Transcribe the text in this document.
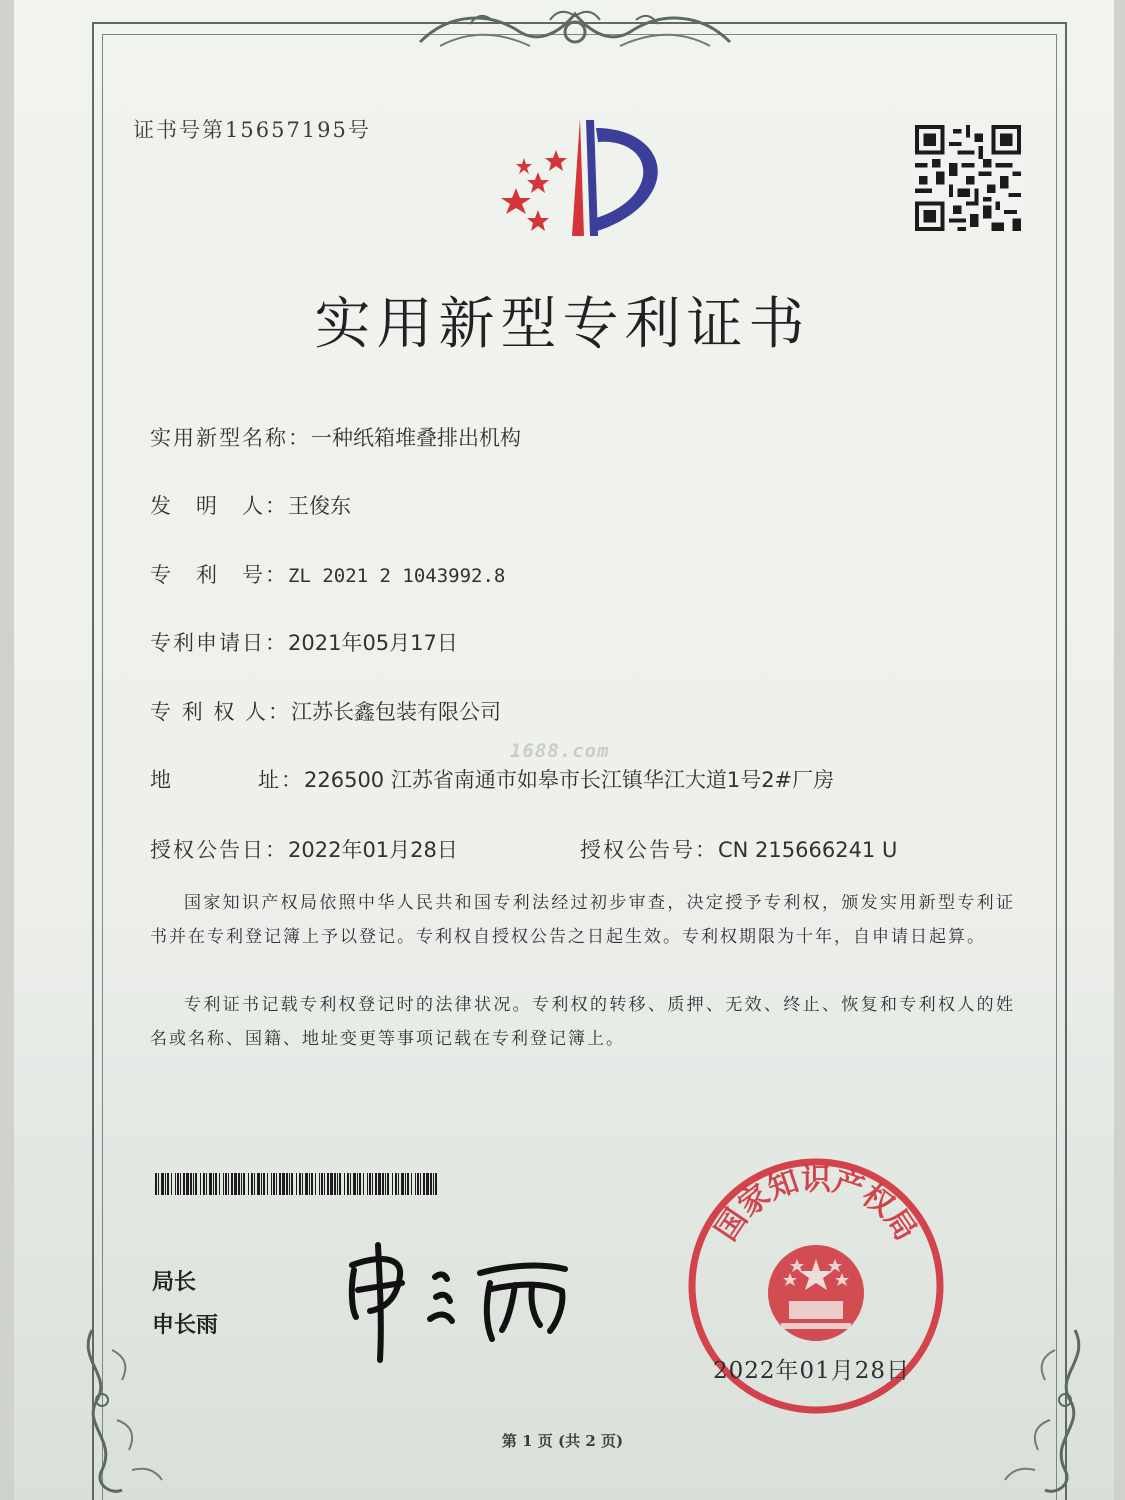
证书号第15657195号
实用新型专利证书
实用新型名称：一种纸箱堆叠排出机构
发　明　人：王俊东
专　利　号：ZL 2021 2 1043992.8
专利申请日：2021年05月17日
专 利 权 人：江苏长鑫包装有限公司
1688.com
地	址：226500 江苏省南通市如皋市长江镇华江大道1号2#厂房
授权公告日：2022年01月28日	授权公告号：CN 215666241 U
国家知识产权局依照中华人民共和国专利法经过初步审查，决定授予专利权，颁发实用新型专利证书并在专利登记簿上予以登记。专利权自授权公告之日起生效。专利权期限为十年，自申请日起算。
专利证书记载专利权登记时的法律状况。专利权的转移、质押、无效、终止、恢复和专利权人的姓名或名称、国籍、地址变更等事项记载在专利登记簿上。
局长
申长雨
国家知识产权局
2022年01月28日
第 1 页 (共 2 页)
